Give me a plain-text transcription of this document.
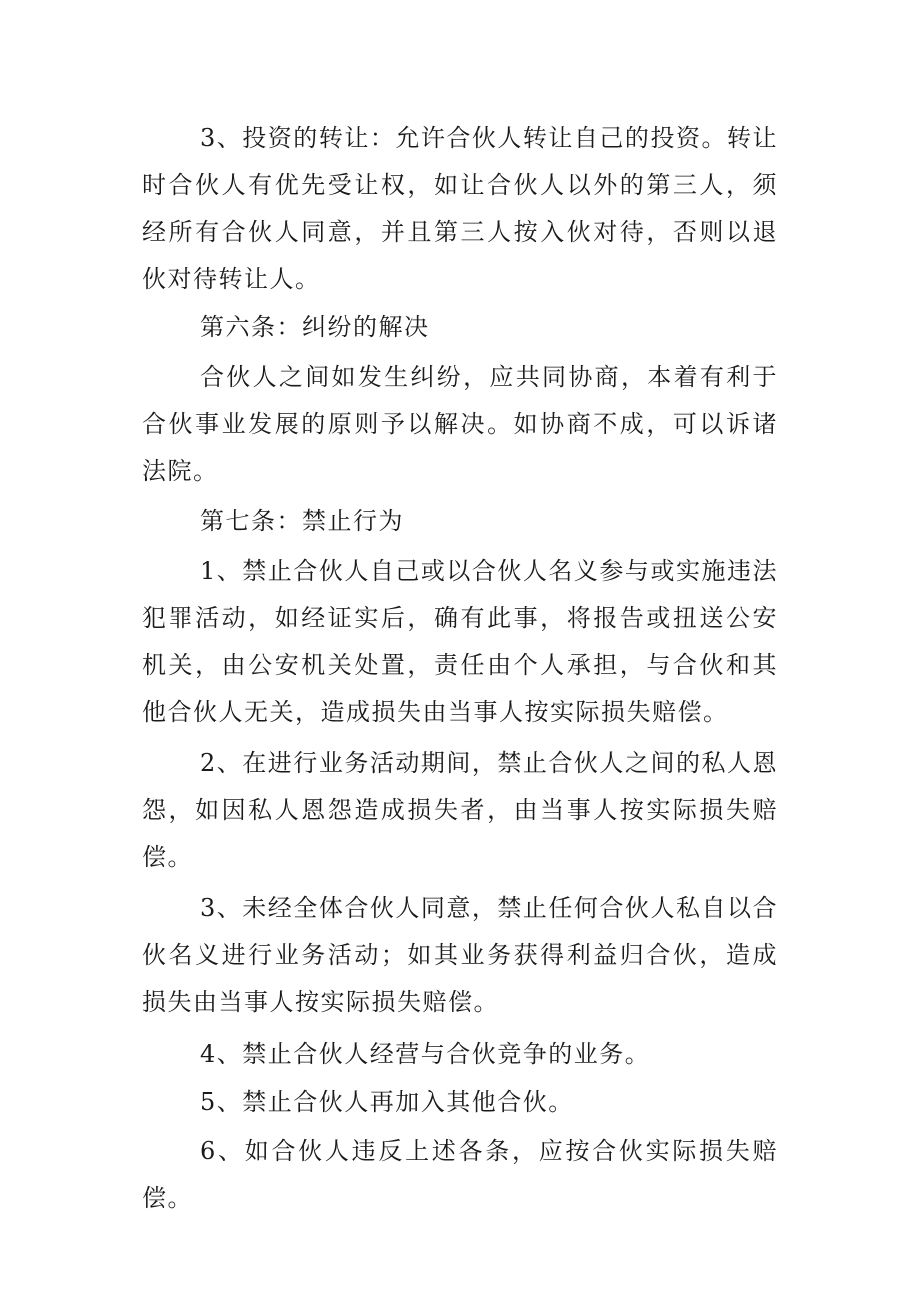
3、投资的转让：允许合伙人转让自己的投资。转让时合伙人有优先受让权，如让合伙人以外的第三人，须经所有合伙人同意，并且第三人按入伙对待，否则以退伙对待转让人。

第六条：纠纷的解决

合伙人之间如发生纠纷，应共同协商，本着有利于合伙事业发展的原则予以解决。如协商不成，可以诉诸法院。

第七条：禁止行为

1、禁止合伙人自己或以合伙人名义参与或实施违法犯罪活动，如经证实后，确有此事，将报告或扭送公安机关，由公安机关处置，责任由个人承担，与合伙和其他合伙人无关，造成损失由当事人按实际损失赔偿。

2、在进行业务活动期间，禁止合伙人之间的私人恩怨，如因私人恩怨造成损失者，由当事人按实际损失赔偿。

3、未经全体合伙人同意，禁止任何合伙人私自以合伙名义进行业务活动；如其业务获得利益归合伙，造成损失由当事人按实际损失赔偿。

4、禁止合伙人经营与合伙竞争的业务。

5、禁止合伙人再加入其他合伙。

6、如合伙人违反上述各条，应按合伙实际损失赔偿。
